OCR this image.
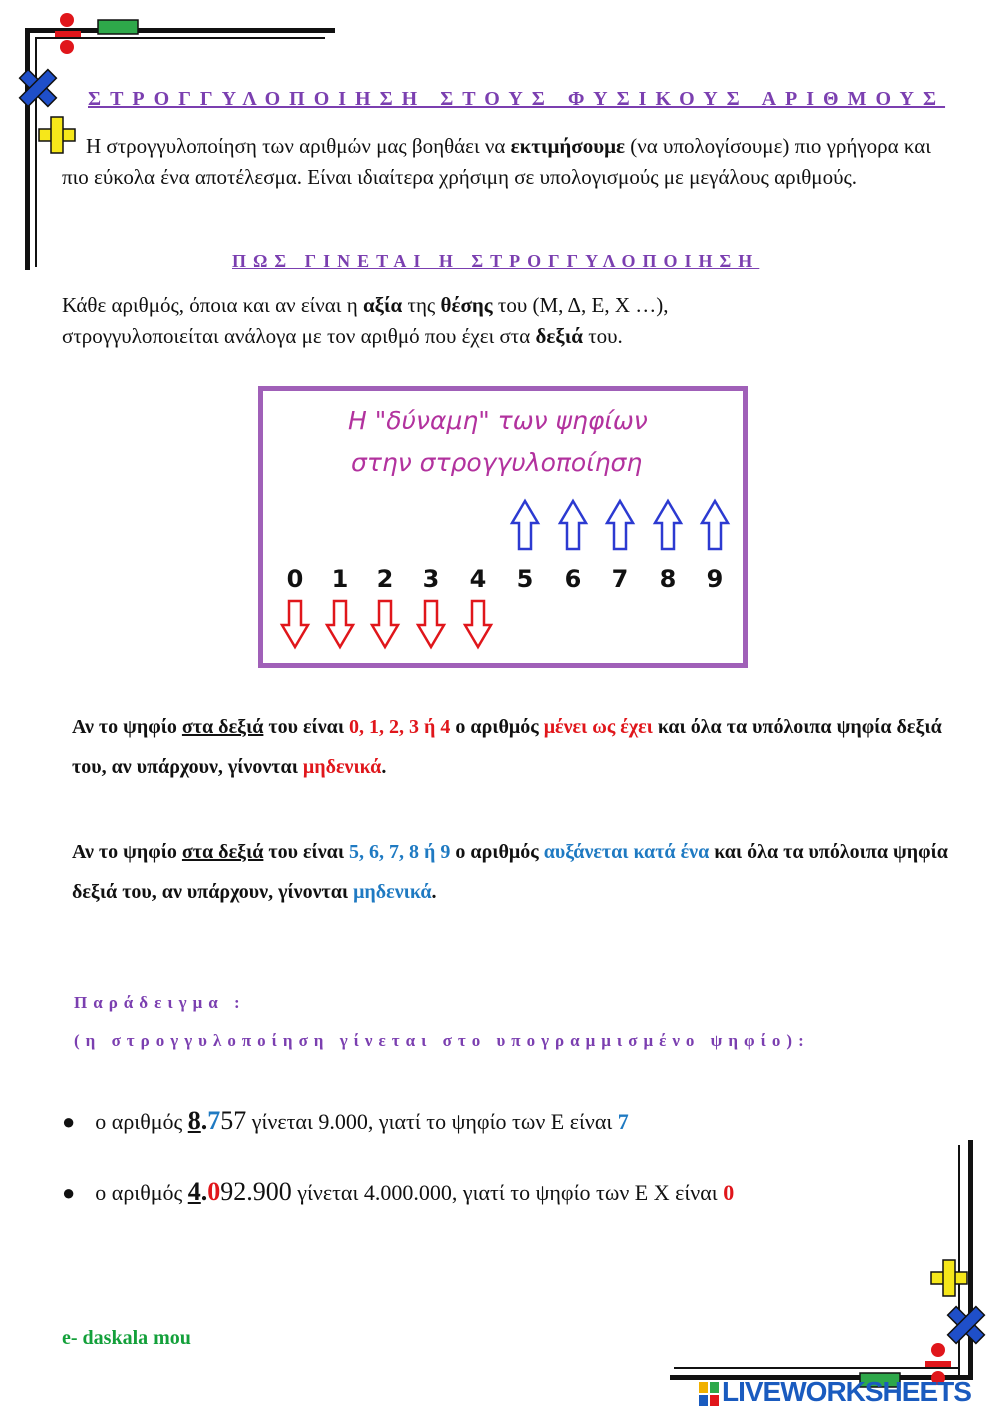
ΣΤΡΟΓΓΥΛΟΠΟΙΗΣΗ ΣΤΟΥΣ ΦΥΣΙΚΟΥΣ ΑΡΙΘΜΟΥΣ
Η στρογγυλοποίηση των αριθμών μας βοηθάει να εκτιμήσουμε (να υπολογίσουμε) πιο γρήγορα και πιο εύκολα ένα αποτέλεσμα. Είναι ιδιαίτερα χρήσιμη σε υπολογισμούς με μεγάλους αριθμούς.
ΠΩΣ ΓΙΝΕΤΑΙ Η ΣΤΡΟΓΓΥΛΟΠΟΙΗΣΗ
Κάθε αριθμός, όποια και αν είναι η αξία της θέσης του (Μ, Δ, Ε, Χ …),
στρογγυλοποιείται ανάλογα με τον αριθμό που έχει στα δεξιά του.
Η "δύναμη" των ψηφίων
στην στρογγυλοποίηση
0 1 2 3 4 5 6 7 8 9
Αν το ψηφίο στα δεξιά του είναι 0, 1, 2, 3 ή 4 ο αριθμός μένει ως έχει και όλα τα υπόλοιπα ψηφία δεξιά του, αν υπάρχουν, γίνονται μηδενικά.
Αν το ψηφίο στα δεξιά του είναι 5, 6, 7, 8 ή 9 ο αριθμός αυξάνεται κατά ένα και όλα τα υπόλοιπα ψηφία δεξιά του, αν υπάρχουν, γίνονται μηδενικά.
Παράδειγμα :
(η στρογγυλοποίηση γίνεται στο υπογραμμισμένο ψηφίο):
● ο αριθμός 8.757 γίνεται 9.000, γιατί το ψηφίο των Ε είναι 7
● ο αριθμός 4.092.900 γίνεται 4.000.000, γιατί το ψηφίο των Ε Χ είναι 0
e- daskala mou
LIVEWORKSHEETS
